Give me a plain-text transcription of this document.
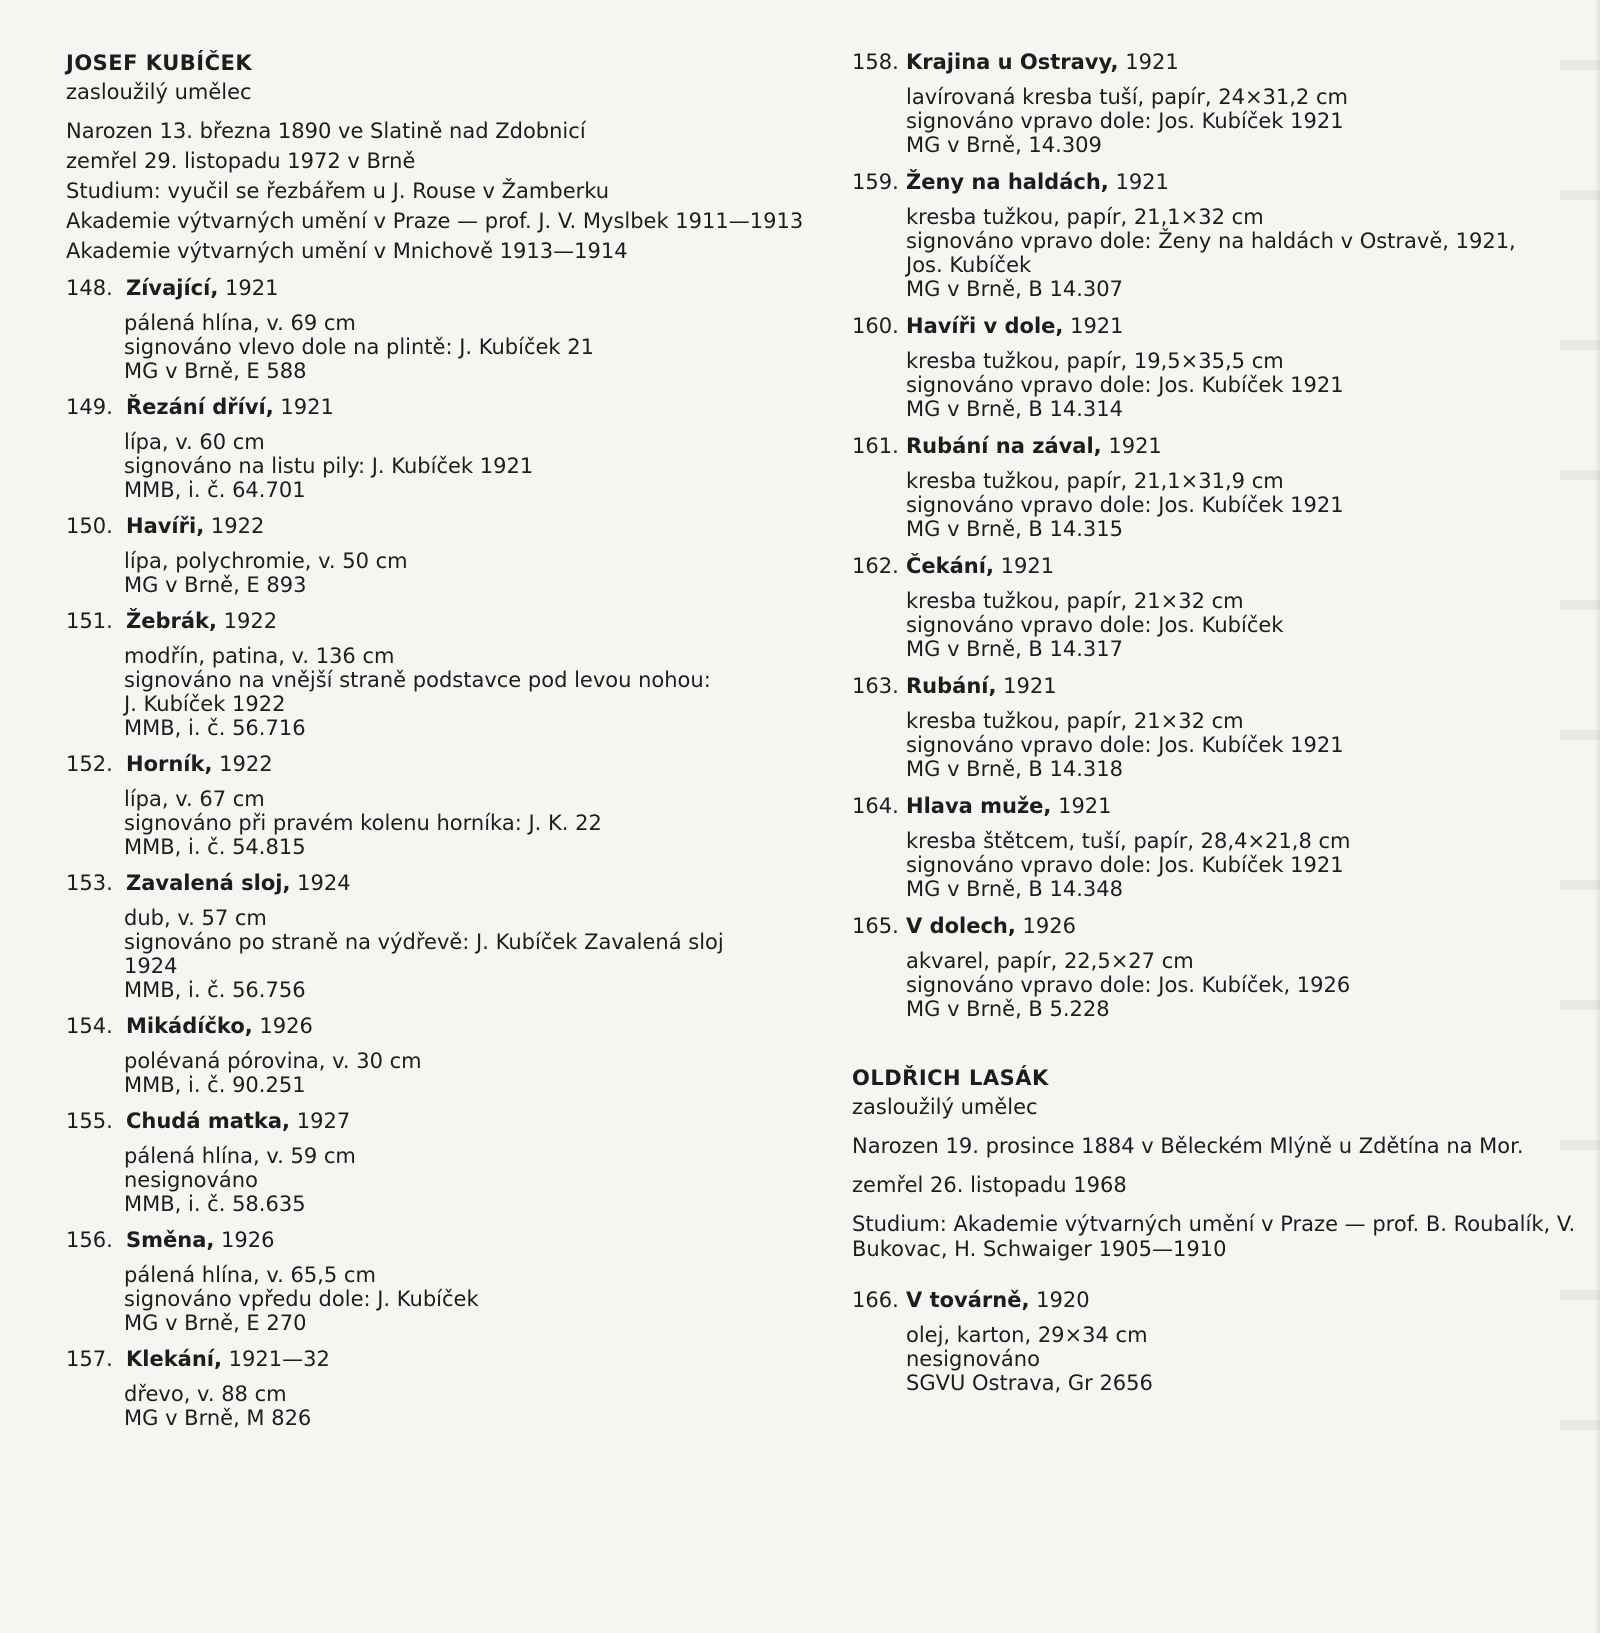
JOSEF KUBÍČEK

zasloužilý umělec

Narozen 13. března 1890 ve Slatině nad Zdobnicí

zemřel 29. listopadu 1972 v Brně

Studium: vyučil se řezbářem u J. Rouse v Žamberku

Akademie výtvarných umění v Praze — prof. J. V. Myslbek 1911—1913

Akademie výtvarných umění v Mnichově 1913—1914

148. Zívající, 1921
pálená hlína, v. 69 cm
signováno vlevo dole na plintě: J. Kubíček 21
MG v Brně, E 588
149. Řezání dříví, 1921
lípa, v. 60 cm
signováno na listu pily: J. Kubíček 1921
MMB, i. č. 64.701
150. Havíři, 1922
lípa, polychromie, v. 50 cm
MG v Brně, E 893
151. Žebrák, 1922
modřín, patina, v. 136 cm
signováno na vnější straně podstavce pod levou nohou:
J. Kubíček 1922
MMB, i. č. 56.716
152. Horník, 1922
lípa, v. 67 cm
signováno při pravém kolenu horníka: J. K. 22
MMB, i. č. 54.815
153. Zavalená sloj, 1924
dub, v. 57 cm
signováno po straně na výdřevě: J. Kubíček Zavalená sloj
1924
MMB, i. č. 56.756
154. Mikádíčko, 1926
polévaná pórovina, v. 30 cm
MMB, i. č. 90.251
155. Chudá matka, 1927
pálená hlína, v. 59 cm
nesignováno
MMB, i. č. 58.635
156. Směna, 1926
pálená hlína, v. 65,5 cm
signováno vpředu dole: J. Kubíček
MG v Brně, E 270
157. Klekání, 1921—32
dřevo, v. 88 cm
MG v Brně, M 826
158. Krajina u Ostravy, 1921
lavírovaná kresba tuší, papír, 24×31,2 cm
signováno vpravo dole: Jos. Kubíček 1921
MG v Brně, 14.309
159. Ženy na haldách, 1921
kresba tužkou, papír, 21,1×32 cm
signováno vpravo dole: Ženy na haldách v Ostravě, 1921,
Jos. Kubíček
MG v Brně, B 14.307
160. Havíři v dole, 1921
kresba tužkou, papír, 19,5×35,5 cm
signováno vpravo dole: Jos. Kubíček 1921
MG v Brně, B 14.314
161. Rubání na zával, 1921
kresba tužkou, papír, 21,1×31,9 cm
signováno vpravo dole: Jos. Kubíček 1921
MG v Brně, B 14.315
162. Čekání, 1921
kresba tužkou, papír, 21×32 cm
signováno vpravo dole: Jos. Kubíček
MG v Brně, B 14.317
163. Rubání, 1921
kresba tužkou, papír, 21×32 cm
signováno vpravo dole: Jos. Kubíček 1921
MG v Brně, B 14.318
164. Hlava muže, 1921
kresba štětcem, tuší, papír, 28,4×21,8 cm
signováno vpravo dole: Jos. Kubíček 1921
MG v Brně, B 14.348
165. V dolech, 1926
akvarel, papír, 22,5×27 cm
signováno vpravo dole: Jos. Kubíček, 1926
MG v Brně, B 5.228

OLDŘICH LASÁK

zasloužilý umělec

Narozen 19. prosince 1884 v Běleckém Mlýně u Zdětína na Mor.

zemřel 26. listopadu 1968

Studium: Akademie výtvarných umění v Praze — prof. B. Roubalík, V. Bukovac, H. Schwaiger 1905—1910

166. V továrně, 1920
olej, karton, 29×34 cm
nesignováno
SGVU Ostrava, Gr 2656
